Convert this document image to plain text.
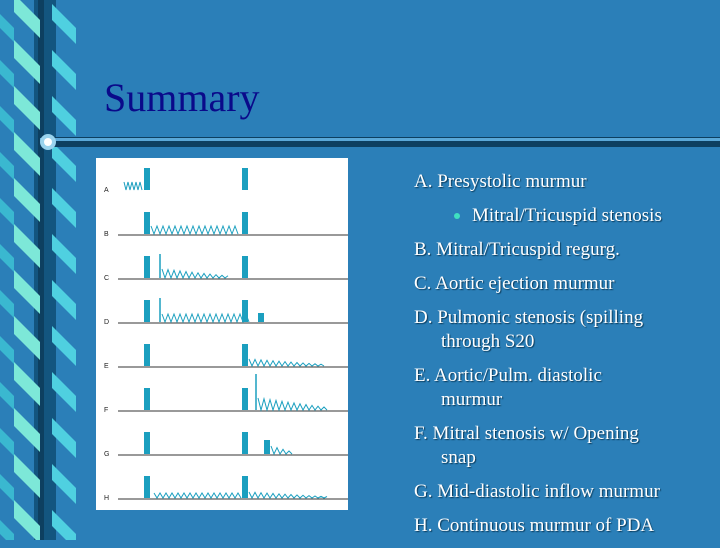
Summary
A
B
C
D
E
F
G
H
A. Presystolic murmur
Mitral/Tricuspid stenosis
B. Mitral/Tricuspid regurg.
C. Aortic ejection murmur
D. Pulmonic stenosis (spilling
through S20
E. Aortic/Pulm. diastolic
murmur
F. Mitral stenosis w/ Opening
snap
G. Mid-diastolic inflow murmur
H. Continuous murmur of PDA
